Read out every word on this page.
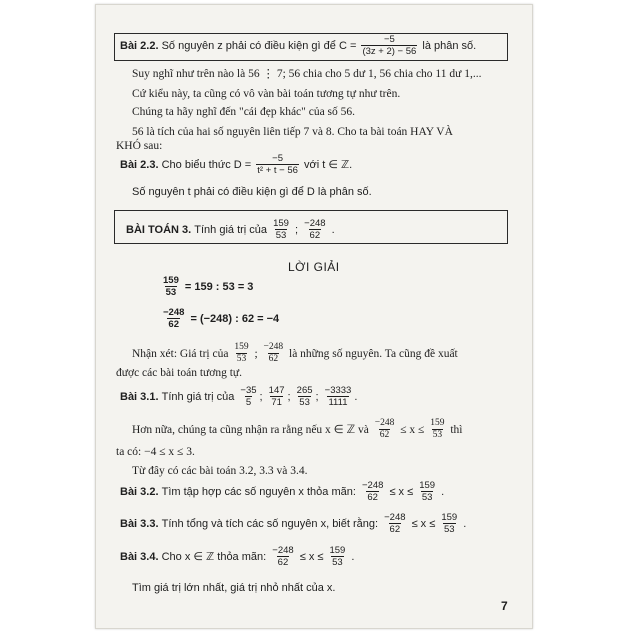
Bài 2.2. Số nguyên z phải có điều kiện gì để $C = \frac{-5}{(3z + 2) - 56}$ là phân số.
Suy nghĩ như trên nào là 56 ⋮ 7; 56 chia cho 5 dư 1, 56 chia cho 11 dư 1,...
Cứ kiểu này, ta cũng có vô vàn bài toán tương tự như trên.
Chúng ta hãy nghĩ đến "cái đẹp khác" của số 56.
56 là tích của hai số nguyên liên tiếp 7 và 8. Cho ta bài toán HAY VÀ
KHÓ sau:
Bài 2.3. Cho biểu thức $D = \frac{-5}{\text{t² + t − 56}}$ với t ∈ ℤ.
Số nguyên t phải có điều kiện gì để D là phân số.
BÀI TOÁN 3. Tính giá trị của $\frac{159}{53}$ ; $\frac{-248}{62}$ .
LỜI GIẢI
$\frac{159}{53} = 159$ : 53 = 3
$\frac{-248}{62} = (-248)$ : 62 = −4
Nhận xét: Giá trị của $\frac{159}{53}$ ; $\frac{-248}{62}$ là những số nguyên. Ta cũng đề xuất
được các bài toán tương tự.
Bài 3.1. Tính giá trị của $\frac{-35}{5}$ ; $\frac{147}{71}$ ; $\frac{265}{53}$ ; $\frac{-3333}{1111}$ .
Hơn nữa, chúng ta cũng nhận ra rằng nếu x ∈ ℤ và $\frac{-248}{62} \le x \le \frac{159}{53}$ thì
ta có: −4 ≤ x ≤ 3.
Từ đây có các bài toán 3.2, 3.3 và 3.4.
Bài 3.2. Tìm tập hợp các số nguyên x thỏa mãn: $\frac{-248}{62} \le x \le \frac{159}{53}$ .
Bài 3.3. Tính tổng và tích các số nguyên x, biết rằng: $\frac{-248}{62} \le x \le \frac{159}{53}$ .
Bài 3.4. Cho x ∈ ℤ thỏa mãn: $\frac{-248}{62} \le x \le \frac{159}{53}$ .
Tìm giá trị lớn nhất, giá trị nhỏ nhất của x.
7
